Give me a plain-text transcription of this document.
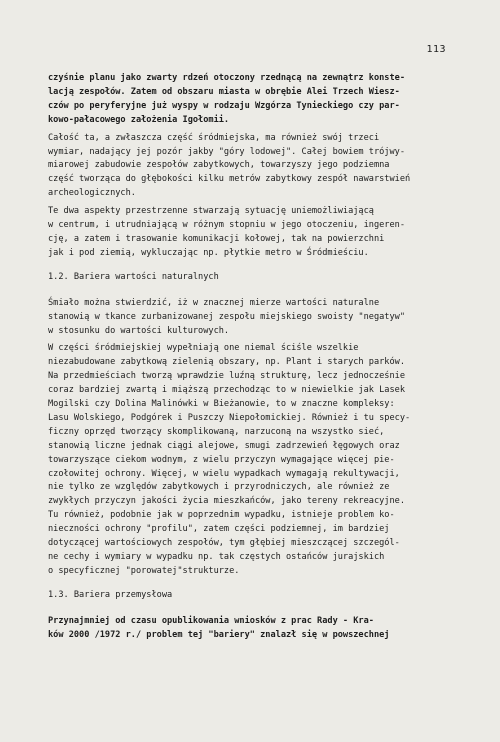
113

czyśnie planu jako zwarty rdzeń otoczony rzednącą na zewnątrz konste-
lacją zespołów. Zatem od obszaru miasta w obrębie Alei Trzech Wiesz-
czów po peryferyjne już wyspy w rodzaju Wzgórza Tynieckiego czy par-
kowo-pałacowego założenia Igołomii.

Całość ta, a zwłaszcza część śródmiejska, ma również swój trzeci
wymiar, nadający jej pozór jakby "góry lodowej". Całej bowiem trójwy-
miarowej zabudowie zespołów zabytkowych, towarzyszy jego podziemna
część tworząca do głębokości kilku metrów zabytkowy zespół nawarstwień
archeologicznych.

Te dwa aspekty przestrzenne stwarzają sytuację uniemożliwiającą
w centrum, i utrudniającą w różnym stopniu w jego otoczeniu, ingeren-
cję, a zatem i trasowanie komunikacji kołowej, tak na powierzchni
jak i pod ziemią, wykluczając np. płytkie metro w Śródmieściu.

1.2. Bariera wartości naturalnych

Śmiało można stwierdzić, iż w znacznej mierze wartości naturalne
stanowią w tkance zurbanizowanej zespołu miejskiego swoisty "negatyw"
w stosunku do wartości kulturowych.

W części śródmiejskiej wypełniają one niemal ściśle wszelkie
niezabudowane zabytkową zielenią obszary, np. Plant i starych parków.
Na przedmieściach tworzą wprawdzie luźną strukturę, lecz jednocześnie
coraz bardziej zwartą i miąższą przechodząc to w niewielkie jak Lasek
Mogilski czy Dolina Malinówki w Bieżanowie, to w znaczne kompleksy:
Lasu Wolskiego, Podgórek i Puszczy Niepołomickiej. Również i tu specy-
ficzny oprzęd tworzący skomplikowaną, narzuconą na wszystko sieć,
stanowią liczne jednak ciągi alejowe, smugi zadrzewień łęgowych oraz
towarzyszące ciekom wodnym, z wielu przyczyn wymagające więcej pie-
czołowitej ochrony. Więcej, w wielu wypadkach wymagają rekultywacji,
nie tylko ze względów zabytkowych i przyrodniczych, ale również ze
zwykłych przyczyn jakości życia mieszkańców, jako tereny rekreacyjne.
Tu również, podobnie jak w poprzednim wypadku, istnieje problem ko-
nieczności ochrony "profilu", zatem części podziemnej, im bardziej
dotyczącej wartościowych zespołów, tym głębiej mieszczącej szczegól-
ne cechy i wymiary w wypadku np. tak częstych ostańców jurajskich
o specyficznej "porowatej"strukturze.

1.3. Bariera przemysłowa

Przynajmniej od czasu opublikowania wniosków z prac Rady - Kra-
ków 2000 /1972 r./ problem tej "bariery" znalazł się w powszechnej
